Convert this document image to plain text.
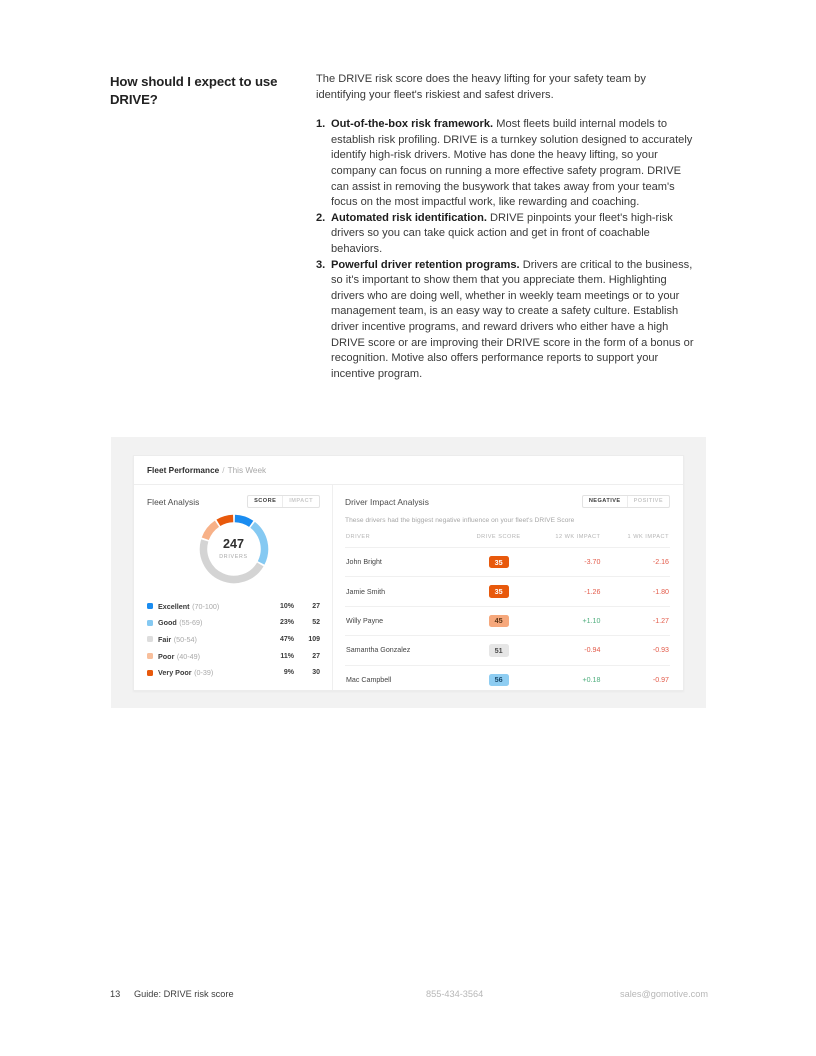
How should I expect to use DRIVE?

The DRIVE risk score does the heavy lifting for your safety team by identifying your fleet's riskiest and safest drivers.

Out-of-the-box risk framework. Most fleets build internal models to establish risk profiling. DRIVE is a turnkey solution designed to accurately identify high-risk drivers. Motive has done the heavy lifting, so your company can focus on running a more effective safety program. DRIVE can assist in removing the busywork that takes away from your team's focus on the most impactful work, like rewarding and coaching.
Automated risk identification. DRIVE pinpoints your fleet's high-risk drivers so you can take quick action and get in front of coachable behaviors.
Powerful driver retention programs. Drivers are critical to the business, so it's important to show them that you appreciate them. Highlighting drivers who are doing well, whether in weekly team meetings or to your management team, is an easy way to create a safety culture. Establish driver incentive programs, and reward drivers who either have a high DRIVE score or are improving their DRIVE score in the form of a bonus or recognition. Motive also offers performance reports to support your incentive program.
Fleet Performance / This Week
Fleet Analysis	SCORE	IMPACT
247
DRIVERS
Excellent (70-100)	10%	27
Good (55-69)	23%	52
Fair (50-54)	47%	109
Poor (40-49)	11%	27
Very Poor (0-39)	9%	30
Driver Impact Analysis	NEGATIVE	POSITIVE
These drivers had the biggest negative influence on your fleet's DRIVE Score
DRIVER	DRIVE SCORE	12 WK IMPACT	1 WK IMPACT
John Bright	35	-3.70	-2.16
Jamie Smith	35	-1.26	-1.80
Willy Payne	45	+1.10	-1.27
Samantha Gonzalez	51	-0.94	-0.93
Mac Campbell	56	+0.18	-0.97
13	Guide: DRIVE risk score	855-434-3564	sales@gomotive.com
